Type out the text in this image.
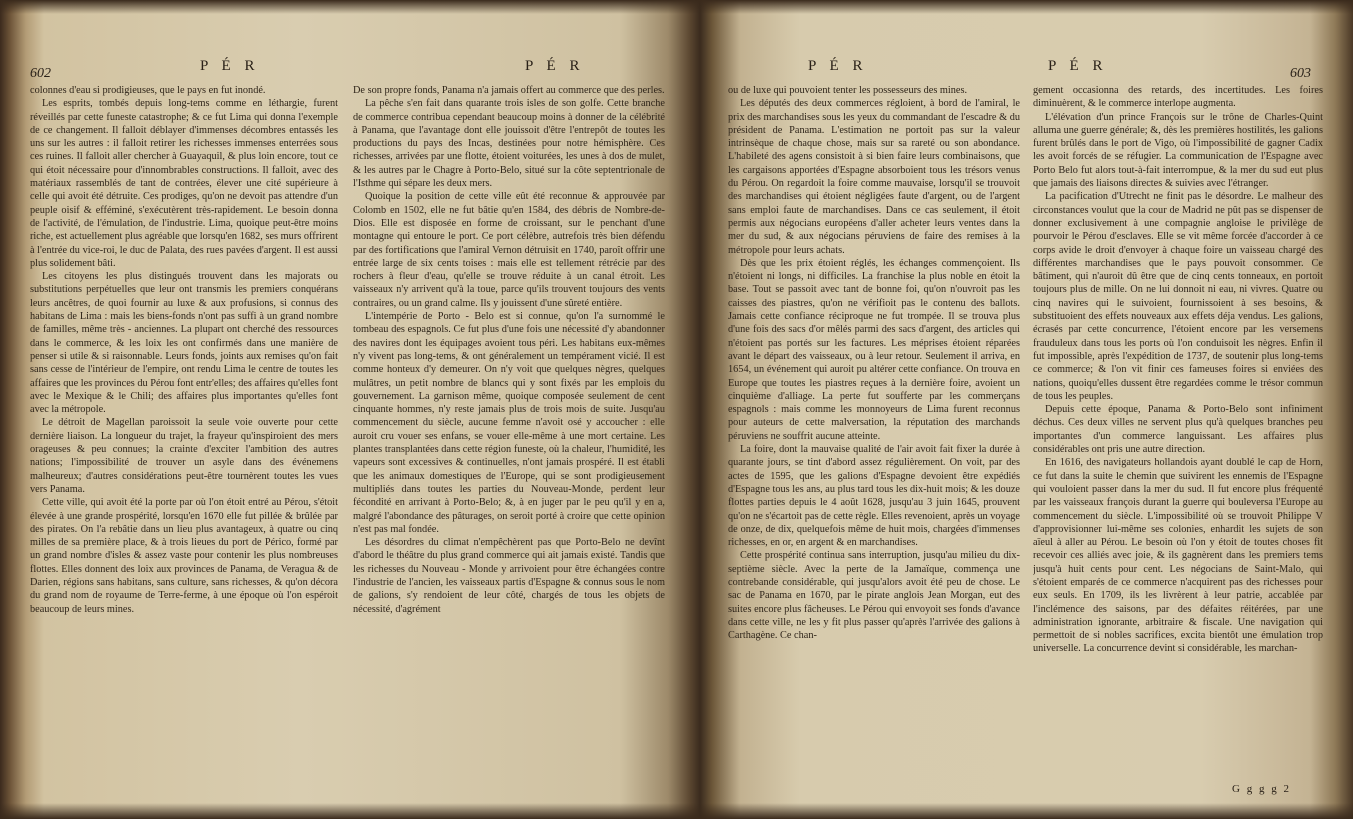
602	P É R	P É R

colonnes d'eau si prodigieuses, que le pays en fut inondé.

Les esprits, tombés depuis long-tems comme en léthargie, furent réveillés par cette funeste catastrophe; & ce fut Lima qui donna l'exemple de ce changement. Il falloit déblayer d'immenses décombres entassés les uns sur les autres : il falloit retirer les richesses immenses enterrées sous ces ruines. Il falloit aller chercher à Guayaquil, & plus loin encore, tout ce qui étoit nécessaire pour d'innombrables constructions. Il falloit, avec des matériaux rassemblés de tant de contrées, élever une cité supérieure à celle qui avoit été détruite. Ces prodiges, qu'on ne devoit pas attendre d'un peuple oisif & efféminé, s'exécutèrent très-rapidement. Le besoin donna de l'activité, de l'émulation, de l'industrie. Lima, quoique peut-être moins riche, est actuellement plus agréable que lorsqu'en 1682, ses murs offrirent à l'entrée du vice-roi, le duc de Palata, des rues pavées d'argent. Il est aussi plus solidement bâti.

Les citoyens les plus distingués trouvent dans les majorats ou substitutions perpétuelles que leur ont transmis les premiers conquérans leurs ancêtres, de quoi fournir au luxe & aux profusions, si connus des habitans de Lima : mais les biens-fonds n'ont pas suffi à un grand nombre de familles, même très - anciennes. La plupart ont cherché des ressources dans le commerce, & les loix les ont confirmés dans une manière de penser si utile & si raisonnable. Leurs fonds, joints aux remises qu'on fait sans cesse de l'intérieur de l'empire, ont rendu Lima le centre de toutes les affaires que les provinces du Pérou font entr'elles; des affaires qu'elles font avec le Mexique & le Chili; des affaires plus importantes qu'elles font avec la métropole.

Le détroit de Magellan paroissoit la seule voie ouverte pour cette dernière liaison. La longueur du trajet, la frayeur qu'inspiroient des mers orageuses & peu connues; la crainte d'exciter l'ambition des autres nations; l'impossibilité de trouver un asyle dans des événemens malheureux; d'autres considérations peut-être tournèrent toutes les vues vers Panama.

Cette ville, qui avoit été la porte par où l'on étoit entré au Pérou, s'étoit élevée à une grande prospérité, lorsqu'en 1670 elle fut pillée & brûlée par des pirates. On l'a rebâtie dans un lieu plus avantageux, à quatre ou cinq milles de sa première place, & à trois lieues du port de Périco, formé par un grand nombre d'isles & assez vaste pour contenir les plus nombreuses flottes. Elles donnent des loix aux provinces de Panama, de Veragua & de Darien, régions sans habitans, sans culture, sans richesses, & qu'on décora du grand nom de royaume de Terre-ferme, à une époque où l'on espéroit beaucoup de leurs mines.

De son propre fonds, Panama n'a jamais offert au commerce que des perles.

La pêche s'en fait dans quarante trois isles de son golfe. Cette branche de commerce contribua cependant beaucoup moins à donner de la célébrité à Panama, que l'avantage dont elle jouissoit d'être l'entrepôt de toutes les productions du pays des Incas, destinées pour notre hémisphère. Ces richesses, arrivées par une flotte, étoient voiturées, les unes à dos de mulet, & les autres par le Chagre à Porto-Belo, situé sur la côte septentrionale de l'Isthme qui sépare les deux mers.

Quoique la position de cette ville eût été reconnue & approuvée par Colomb en 1502, elle ne fut bâtie qu'en 1584, des débris de Nombre-de-Dios. Elle est disposée en forme de croissant, sur le penchant d'une montagne qui entoure le port. Ce port célèbre, autrefois très bien défendu par des fortifications que l'amiral Vernon détruisit en 1740, paroît offrir une entrée large de six cents toises : mais elle est tellement rétrécie par des rochers à fleur d'eau, qu'elle se trouve réduite à un canal étroit. Les vaisseaux n'y arrivent qu'à la toue, parce qu'ils trouvent toujours des vents contraires, ou un grand calme. Ils y jouissent d'une sûreté entière.

L'intempérie de Porto - Belo est si connue, qu'on l'a surnommé le tombeau des espagnols. Ce fut plus d'une fois une nécessité d'y abandonner des navires dont les équipages avoient tous péri. Les habitans eux-mêmes n'y vivent pas long-tems, & ont généralement un tempérament vicié. Il est comme honteux d'y demeurer. On n'y voit que quelques nègres, quelques mulâtres, un petit nombre de blancs qui y sont fixés par les emplois du gouvernement. La garnison même, quoique composée seulement de cent cinquante hommes, n'y reste jamais plus de trois mois de suite. Jusqu'au commencement du siècle, aucune femme n'avoit osé y accoucher : elle auroit cru vouer ses enfans, se vouer elle-même à une mort certaine. Les plantes transplantées dans cette région funeste, où la chaleur, l'humidité, les vapeurs sont excessives & continuelles, n'ont jamais prospéré. Il est établi que les animaux domestiques de l'Europe, qui se sont prodigieusement multipliés dans toutes les parties du Nouveau-Monde, perdent leur fécondité en arrivant à Porto-Belo; &, à en juger par le peu qu'il y en a, malgré l'abondance des pâturages, on seroit porté à croire que cette opinion n'est pas mal fondée.

Les désordres du climat n'empêchèrent pas que Porto-Belo ne devînt d'abord le théâtre du plus grand commerce qui ait jamais existé. Tandis que les richesses du Nouveau - Monde y arrivoient pour être échangées contre l'industrie de l'ancien, les vaisseaux partis d'Espagne & connus sous le nom de galions, s'y rendoient de leur côté, chargés de tous les objets de nécessité, d'agrément

P É R	P É R	603

ou de luxe qui pouvoient tenter les possesseurs des mines.

Les députés des deux commerces régloient, à bord de l'amiral, le prix des marchandises sous les yeux du commandant de l'escadre & du président de Panama. L'estimation ne portoit pas sur la valeur intrinsèque de chaque chose, mais sur sa rareté ou son abondance. L'habileté des agens consistoit à si bien faire leurs combinaisons, que les cargaisons apportées d'Espagne absorboient tous les trésors venus du Pérou. On regardoit la foire comme mauvaise, lorsqu'il se trouvoit des marchandises qui étoient négligées faute d'argent, ou de l'argent sans emploi faute de marchandises. Dans ce cas seulement, il étoit permis aux négocians européens d'aller acheter leurs ventes dans la mer du sud, & aux négocians péruviens de faire des remises à la métropole pour leurs achats.

Dès que les prix étoient réglés, les échanges commençoient. Ils n'étoient ni longs, ni difficiles. La franchise la plus noble en étoit la base. Tout se passoit avec tant de bonne foi, qu'on n'ouvroit pas les caisses des piastres, qu'on ne vérifioit pas le contenu des ballots. Jamais cette confiance réciproque ne fut trompée. Il se trouva plus d'une fois des sacs d'or mêlés parmi des sacs d'argent, des articles qui n'étoient pas portés sur les factures. Les méprises étoient réparées avant le départ des vaisseaux, ou à leur retour. Seulement il arriva, en 1654, un événement qui auroit pu altérer cette confiance. On trouva en Europe que toutes les piastres reçues à la dernière foire, avoient un cinquième d'alliage. La perte fut soufferte par les commerçans espagnols : mais comme les monnoyeurs de Lima furent reconnus pour auteurs de cette malversation, la réputation des marchands péruviens ne souffrit aucune atteinte.

La foire, dont la mauvaise qualité de l'air avoit fait fixer la durée à quarante jours, se tint d'abord assez régulièrement. On voit, par des actes de 1595, que les galions d'Espagne devoient être expédiés d'Espagne tous les ans, au plus tard tous les dix-huit mois; & les douze flottes parties depuis le 4 août 1628, jusqu'au 3 juin 1645, prouvent qu'on ne s'écartoit pas de cette règle. Elles revenoient, après un voyage de onze, de dix, quelquefois même de huit mois, chargées d'immenses richesses, en or, en argent & en marchandises.

Cette prospérité continua sans interruption, jusqu'au milieu du dix-septième siècle. Avec la perte de la Jamaïque, commença une contrebande considérable, qui jusqu'alors avoit été peu de chose. Le sac de Panama en 1670, par le pirate anglois Jean Morgan, eut des suites encore plus fâcheuses. Le Pérou qui envoyoit ses fonds d'avance dans cette ville, ne les y fit plus passer qu'après l'arrivée des galions à Carthagène. Ce chan-

gement occasionna des retards, des incertitudes. Les foires diminuèrent, & le commerce interlope augmenta.

L'élévation d'un prince François sur le trône de Charles-Quint alluma une guerre générale; &, dès les premières hostilités, les galions furent brûlés dans le port de Vigo, où l'impossibilité de gagner Cadix les avoit forcés de se réfugier. La communication de l'Espagne avec Porto Belo fut alors tout-à-fait interrompue, & la mer du sud eut plus que jamais des liaisons directes & suivies avec l'étranger.

La pacification d'Utrecht ne finit pas le désordre. Le malheur des circonstances voulut que la cour de Madrid ne pût pas se dispenser de donner exclusivement à une compagnie angloise le privilège de pourvoir le Pérou d'esclaves. Elle se vit même forcée d'accorder à ce corps avide le droit d'envoyer à chaque foire un vaisseau chargé des différentes marchandises que le pays pouvoit consommer. Ce bâtiment, qui n'auroit dû être que de cinq cents tonneaux, en portoit toujours plus de mille. On ne lui donnoit ni eau, ni vivres. Quatre ou cinq navires qui le suivoient, fournissoient à ses besoins, & substituoient des effets nouveaux aux effets déja vendus. Les galions, écrasés par cette concurrence, l'étoient encore par les versemens frauduleux dans tous les ports où l'on conduisoit les nègres. Enfin il fut impossible, après l'expédition de 1737, de soutenir plus long-tems ce commerce; & l'on vit finir ces fameuses foires si enviées des nations, quoiqu'elles dussent être regardées comme le trésor commun de tous les peuples.

Depuis cette époque, Panama & Porto-Belo sont infiniment déchus. Ces deux villes ne servent plus qu'à quelques branches peu importantes d'un commerce languissant. Les affaires plus considérables ont pris une autre direction.

En 1616, des navigateurs hollandois ayant doublé le cap de Horn, ce fut dans la suite le chemin que suivirent les ennemis de l'Espagne qui vouloient passer dans la mer du sud. Il fut encore plus fréquenté par les vaisseaux françois durant la guerre qui bouleversa l'Europe au commencement du siècle. L'impossibilité où se trouvoit Philippe V d'approvisionner lui-même ses colonies, enhardit les sujets de son aïeul à aller au Pérou. Le besoin où l'on y étoit de toutes choses fit recevoir ces alliés avec joie, & ils gagnèrent dans les premiers tems jusqu'à huit cents pour cent. Les négocians de Saint-Malo, qui s'étoient emparés de ce commerce n'acquirent pas des richesses pour eux seuls. En 1709, ils les livrèrent à leur patrie, accablée par l'inclémence des saisons, par des défaites réitérées, par une administration ignorante, arbitraire & fiscale. Une navigation qui permettoit de si nobles sacrifices, excita bientôt une émulation trop universelle. La concurrence devint si considérable, les marchan-

G g g g 2
